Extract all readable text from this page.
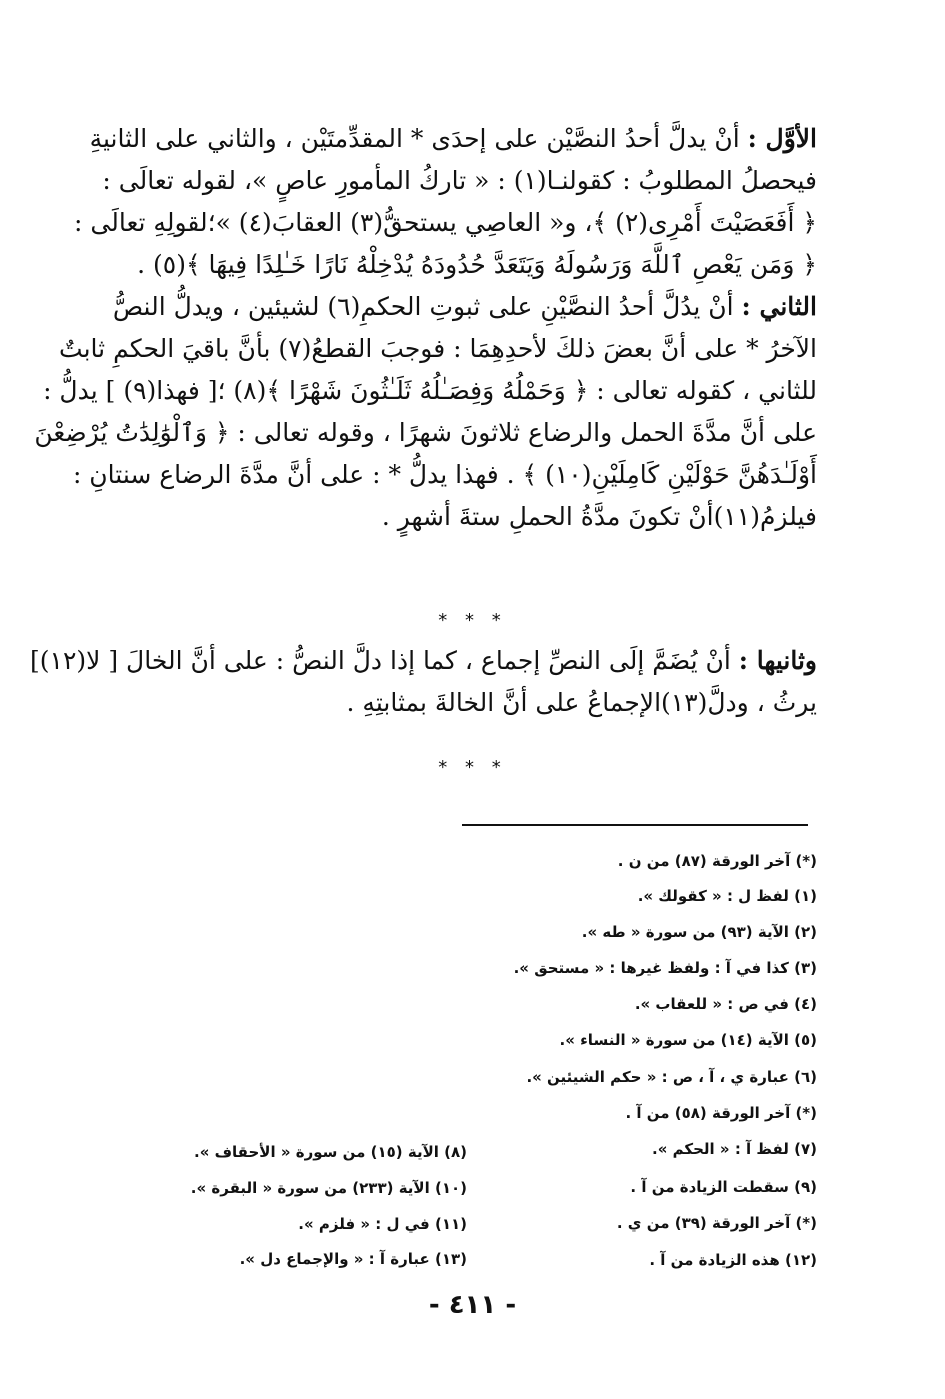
الأوَّل : أنْ يدلَّ أحدُ النصَّيْن على إحدَى * المقدِّمتَيْن ، والثاني على الثانيةِ
فيحصلُ المطلوبُ : كقولنـا(١) : « تاركُ المأمورِ عاصٍ »، لقوله تعالَى :
﴿ أَفَعَصَيْتَ أَمْرِى(٢) ﴾، و« العاصِي يستحقُّ(٣) العقابَ(٤) »؛لقولِهِ تعالَى :
﴿ وَمَن يَعْصِ ٱللَّهَ وَرَسُولَهُ وَيَتَعَدَّ حُدُودَهُ يُدْخِلْهُ نَارًا خَـٰلِدًا فِيهَا ﴾(٥) .
الثاني : أنْ يدُلَّ أحدُ النصَّيْنِ على ثبوتِ الحكمِ(٦) لشيئين ، ويدلُّ النصُّ
الآخرُ * على أنَّ بعضَ ذلكَ لأحدِهِمَا : فوجبَ القطعُ(٧) بأنَّ باقيَ الحكمِ ثابتٌ
للثاني ، كقوله تعالى : ﴿ وَحَمْلُهُ وَفِصَـٰلُهُ ثَلَـٰثُونَ شَهْرًا ﴾(٨) ؛[ فهذا(٩) ] يدلُّ :
على أنَّ مدَّةَ الحمل والرضاع ثلاثونَ شهرًا ، وقوله تعالى : ﴿ وَٱلْوَٰلِدَٰتُ يُرْضِعْنَ
أَوْلَـٰدَهُنَّ حَوْلَيْنِ كَامِلَيْنِ(١٠) ﴾ . فهذا يدلُّ * : على أنَّ مدَّةَ الرضاع سنتانِ :
فيلزمُ(١١)أنْ تكونَ مدَّةُ الحملِ ستةَ أشهرٍ .
* * *
وثانيها : أنْ يُضَمَّ إلَى النصِّ إجماع ، كما إذا دلَّ النصُّ : على أنَّ الخالَ [ لا(١٢)]
يرثُ ، ودلَّ(١٣)الإجماعُ على أنَّ الخالةَ بمثابتِهِ .
* * *
(*) آخر الورقة (٨٧) من ن .
(١) لفظ ل : « كقولك ».
(٢) الآية (٩٣) من سورة « طه ».
(٣) كذا في آ : ولفظ غيرها : « مستحق ».
(٤) في ص : « للعقاب ».
(٥) الآية (١٤) من سورة « النساء ».
(٦) عبارة ي ، آ ، ص : « حكم الشيئين ».
(*) آخر الورقة (٥٨) من آ .
(٧) لفظ آ : « الحكم ».
(٩) سقطت الزيادة من آ .
(*) آخر الورقة (٣٩) من ي .
(١٢) هذه الزيادة من آ .
(٨) الآية (١٥) من سورة « الأحقاف ».
(١٠) الآية (٢٣٣) من سورة « البقرة ».
(١١) في ل : « فلزم ».
(١٣) عبارة آ : « والإجماع دل ».
- ٤١١ -
